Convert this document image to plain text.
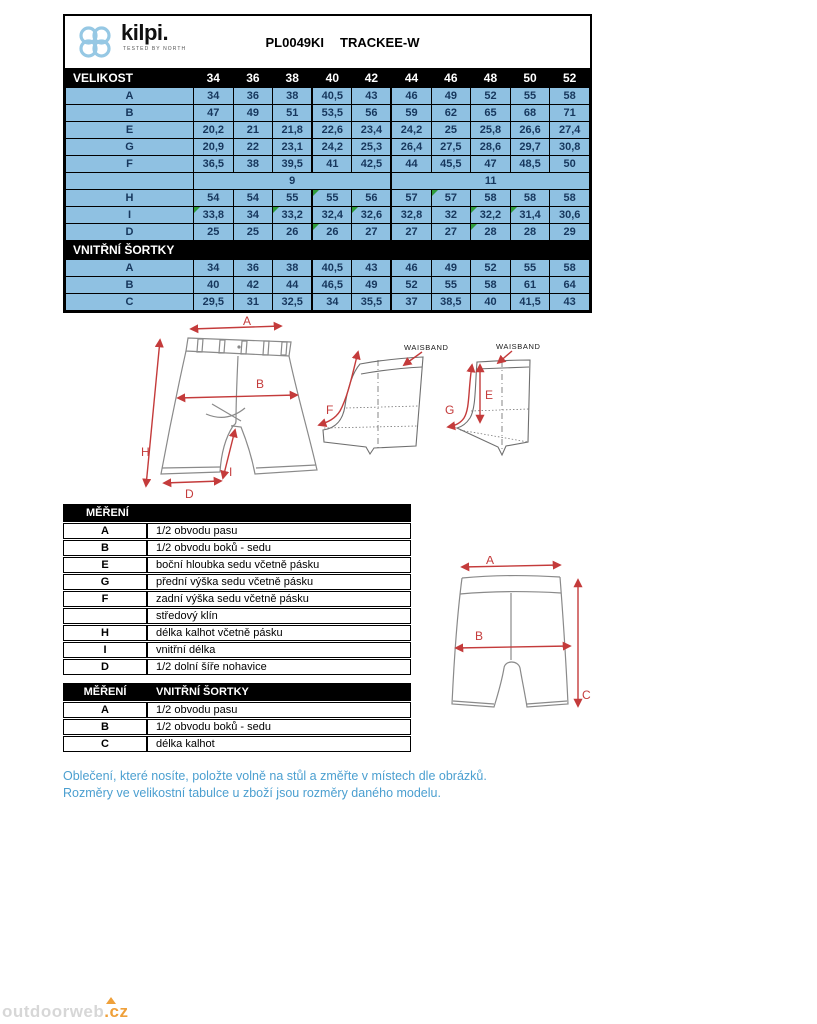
kilpi.
TESTED BY NORTH	PL0049KI TRACKEE-W
VELIKOST	34	36	38	40	42	44	46	48	50	52
A	34	36	38	40,5	43	46	49	52	55	58
B	47	49	51	53,5	56	59	62	65	68	71
E	20,2	21	21,8	22,6	23,4	24,2	25	25,8	26,6	27,4
G	20,9	22	23,1	24,2	25,3	26,4	27,5	28,6	29,7	30,8
F	36,5	38	39,5	41	42,5	44	45,5	47	48,5	50
	9					11				
H	54	54	55	55	56	57	57	58	58	58
I	33,8	34	33,2	32,4	32,6	32,8	32	32,2	31,4	30,6
D	25	25	26	26	27	27	27	28	28	29
VNITŘNÍ ŠORTKY										
A	34	36	38	40,5	43	46	49	52	55	58
B	40	42	44	46,5	49	52	55	58	61	64
C	29,5	31	32,5	34	35,5	37	38,5	40	41,5	43
A
B
H
D
I
F
WAISBAND
E
G
WAISBAND
A
B
C
MĚŘENÍ	
A	1/2 obvodu pasu
B	1/2 obvodu boků - sedu
E	boční hloubka sedu včetně pásku
G	přední výška sedu včetně pásku
F	zadní výška sedu včetně pásku
	středový klín
H	délka kalhot včetně pásku
I	vnitřní délka
D	1/2 dolní šíře nohavice
MĚŘENÍ	VNITŘNÍ ŠORTKY
A	1/2 obvodu pasu
B	1/2 obvodu boků - sedu
C	délka kalhot
Oblečení, které nosíte, položte volně na stůl a změřte v místech dle obrázků.
Rozměry ve velikostní tabulce u zboží jsou rozměry daného modelu.
outdoorweb.cz
